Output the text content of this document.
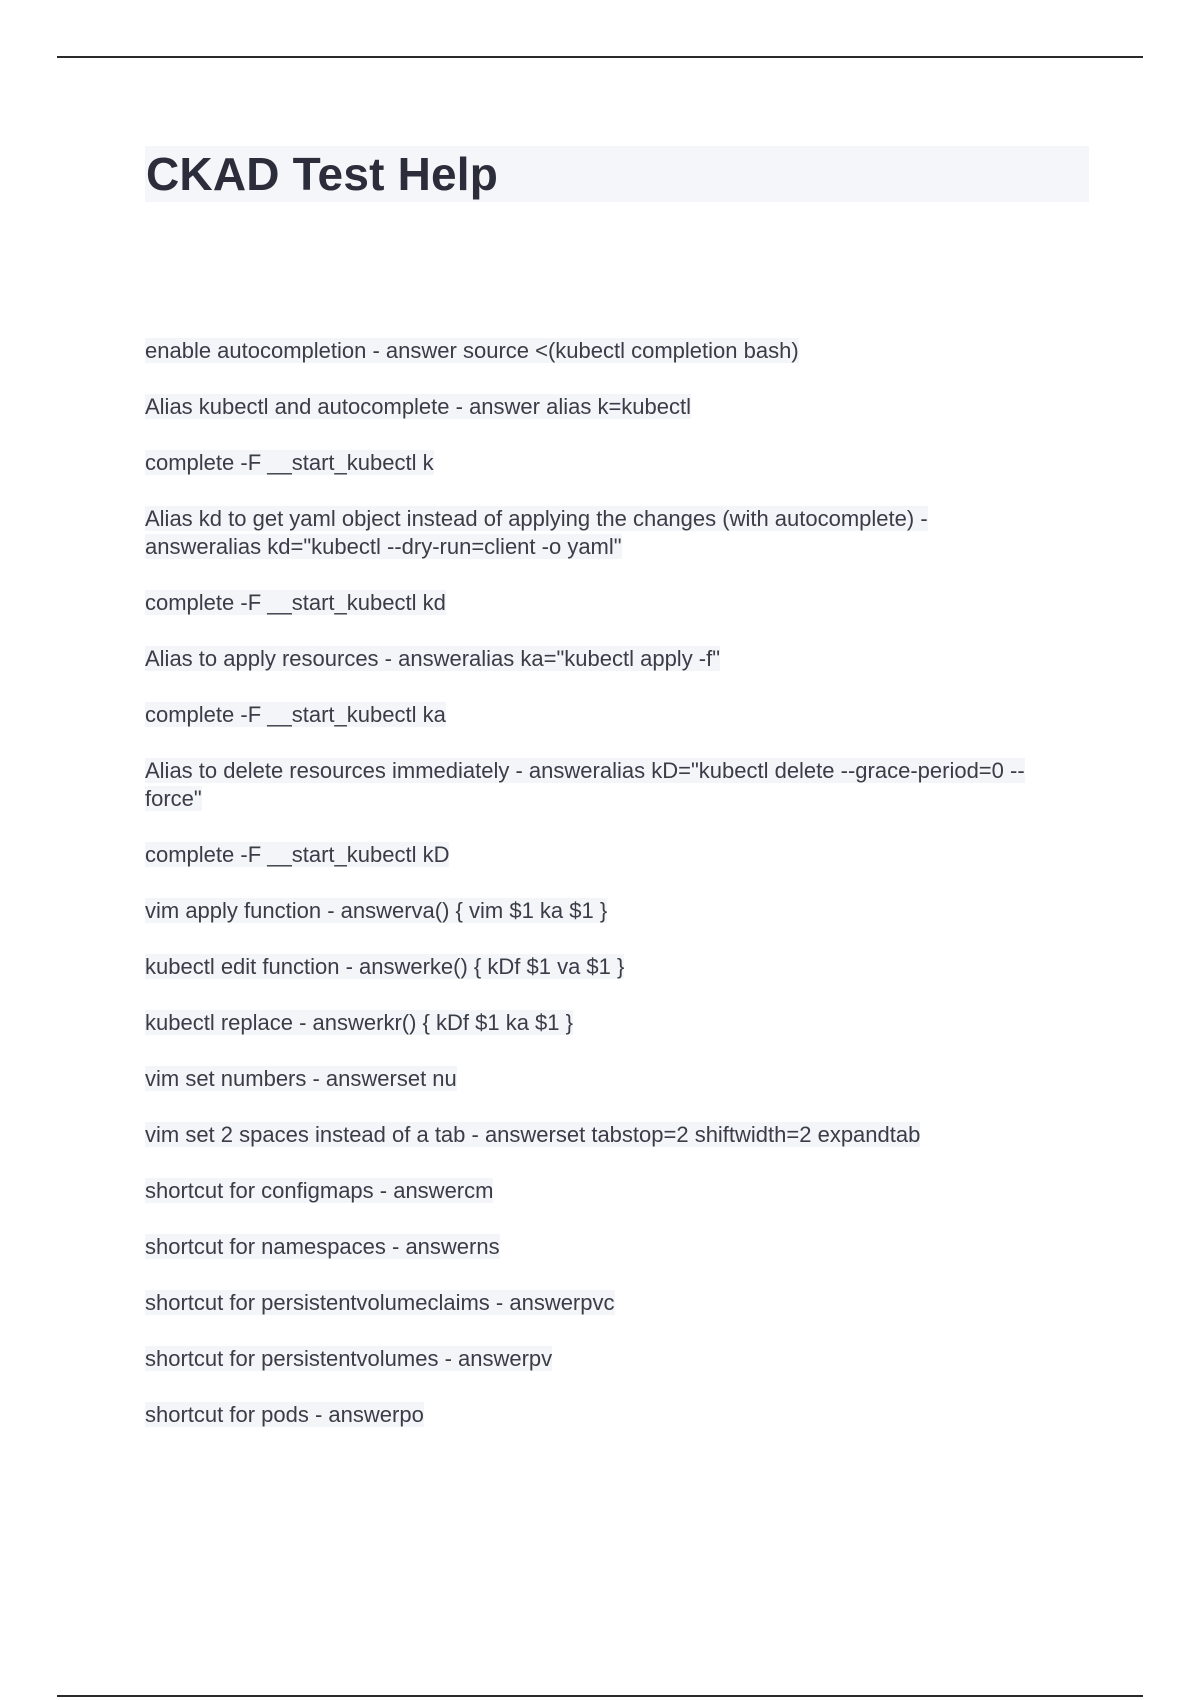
CKAD Test Help

enable autocompletion - answer source <(kubectl completion bash)

Alias kubectl and autocomplete - answer alias k=kubectl

complete -F __start_kubectl k

Alias kd to get yaml object instead of applying the changes (with autocomplete) - answeralias kd="kubectl --dry-run=client -o yaml"

complete -F __start_kubectl kd

Alias to apply resources - answeralias ka="kubectl apply -f"

complete -F __start_kubectl ka

Alias to delete resources immediately - answeralias kD="kubectl delete --grace-period=0 --force"

complete -F __start_kubectl kD

vim apply function - answerva() { vim $1 ka $1 }

kubectl edit function - answerke() { kDf $1 va $1 }

kubectl replace - answerkr() { kDf $1 ka $1 }

vim set numbers - answerset nu

vim set 2 spaces instead of a tab - answerset tabstop=2 shiftwidth=2 expandtab

shortcut for configmaps - answercm

shortcut for namespaces - answerns

shortcut for persistentvolumeclaims - answerpvc

shortcut for persistentvolumes - answerpv

shortcut for pods - answerpo
